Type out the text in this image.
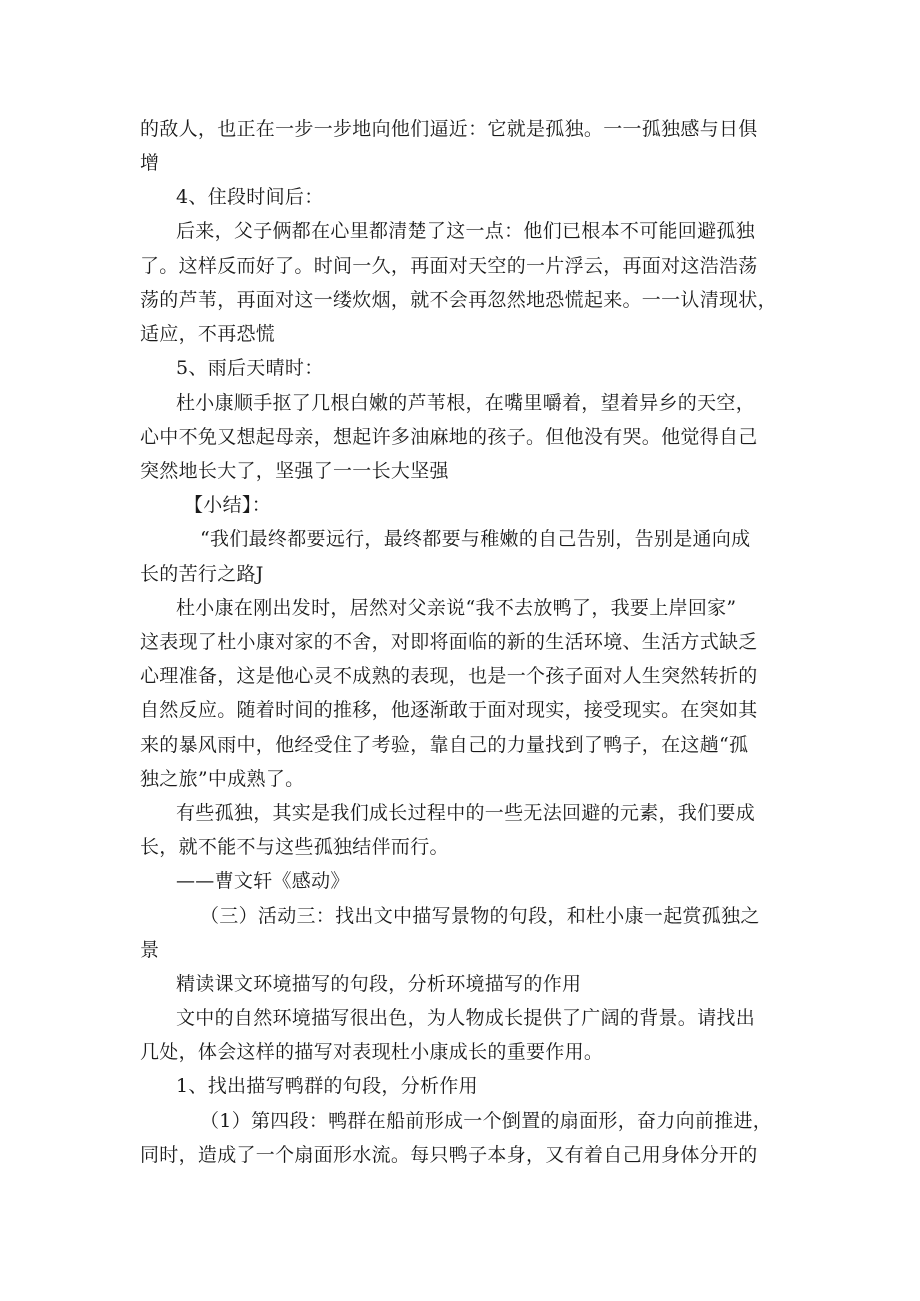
的敌人，也正在一步一步地向他们逼近：它就是孤独。一一孤独感与日俱
增
4、住段时间后：
后来，父子俩都在心里都清楚了这一点：他们已根本不可能回避孤独
了。这样反而好了。时间一久，再面对天空的一片浮云，再面对这浩浩荡
荡的芦苇，再面对这一缕炊烟，就不会再忽然地恐慌起来。一一认清现状，
适应，不再恐慌
5、雨后天晴时：
杜小康顺手抠了几根白嫩的芦苇根，在嘴里嚼着，望着异乡的天空，
心中不免又想起母亲，想起许多油麻地的孩子。但他没有哭。他觉得自己
突然地长大了，坚强了一一长大坚强
【小结】：
“我们最终都要远行，最终都要与稚嫩的自己告别，告别是通向成
长的苦行之路J
杜小康在刚出发时，居然对父亲说“我不去放鸭了，我要上岸回家”
这表现了杜小康对家的不舍，对即将面临的新的生活环境、生活方式缺乏
心理准备，这是他心灵不成熟的表现，也是一个孩子面对人生突然转折的
自然反应。随着时间的推移，他逐渐敢于面对现实，接受现实。在突如其
来的暴风雨中，他经受住了考验，靠自己的力量找到了鸭子，在这趟“孤
独之旅”中成熟了。
有些孤独，其实是我们成长过程中的一些无法回避的元素，我们要成
长，就不能不与这些孤独结伴而行。
——曹文轩《感动》
（三）活动三：找出文中描写景物的句段，和杜小康一起赏孤独之
景
精读课文环境描写的句段，分析环境描写的作用
文中的自然环境描写很出色，为人物成长提供了广阔的背景。请找出
几处，体会这样的描写对表现杜小康成长的重要作用。
1、找出描写鸭群的句段，分析作用
（1）第四段：鸭群在船前形成一个倒置的扇面形，奋力向前推进，
同时，造成了一个扇面形水流。每只鸭子本身，又有着自己用身体分开的
